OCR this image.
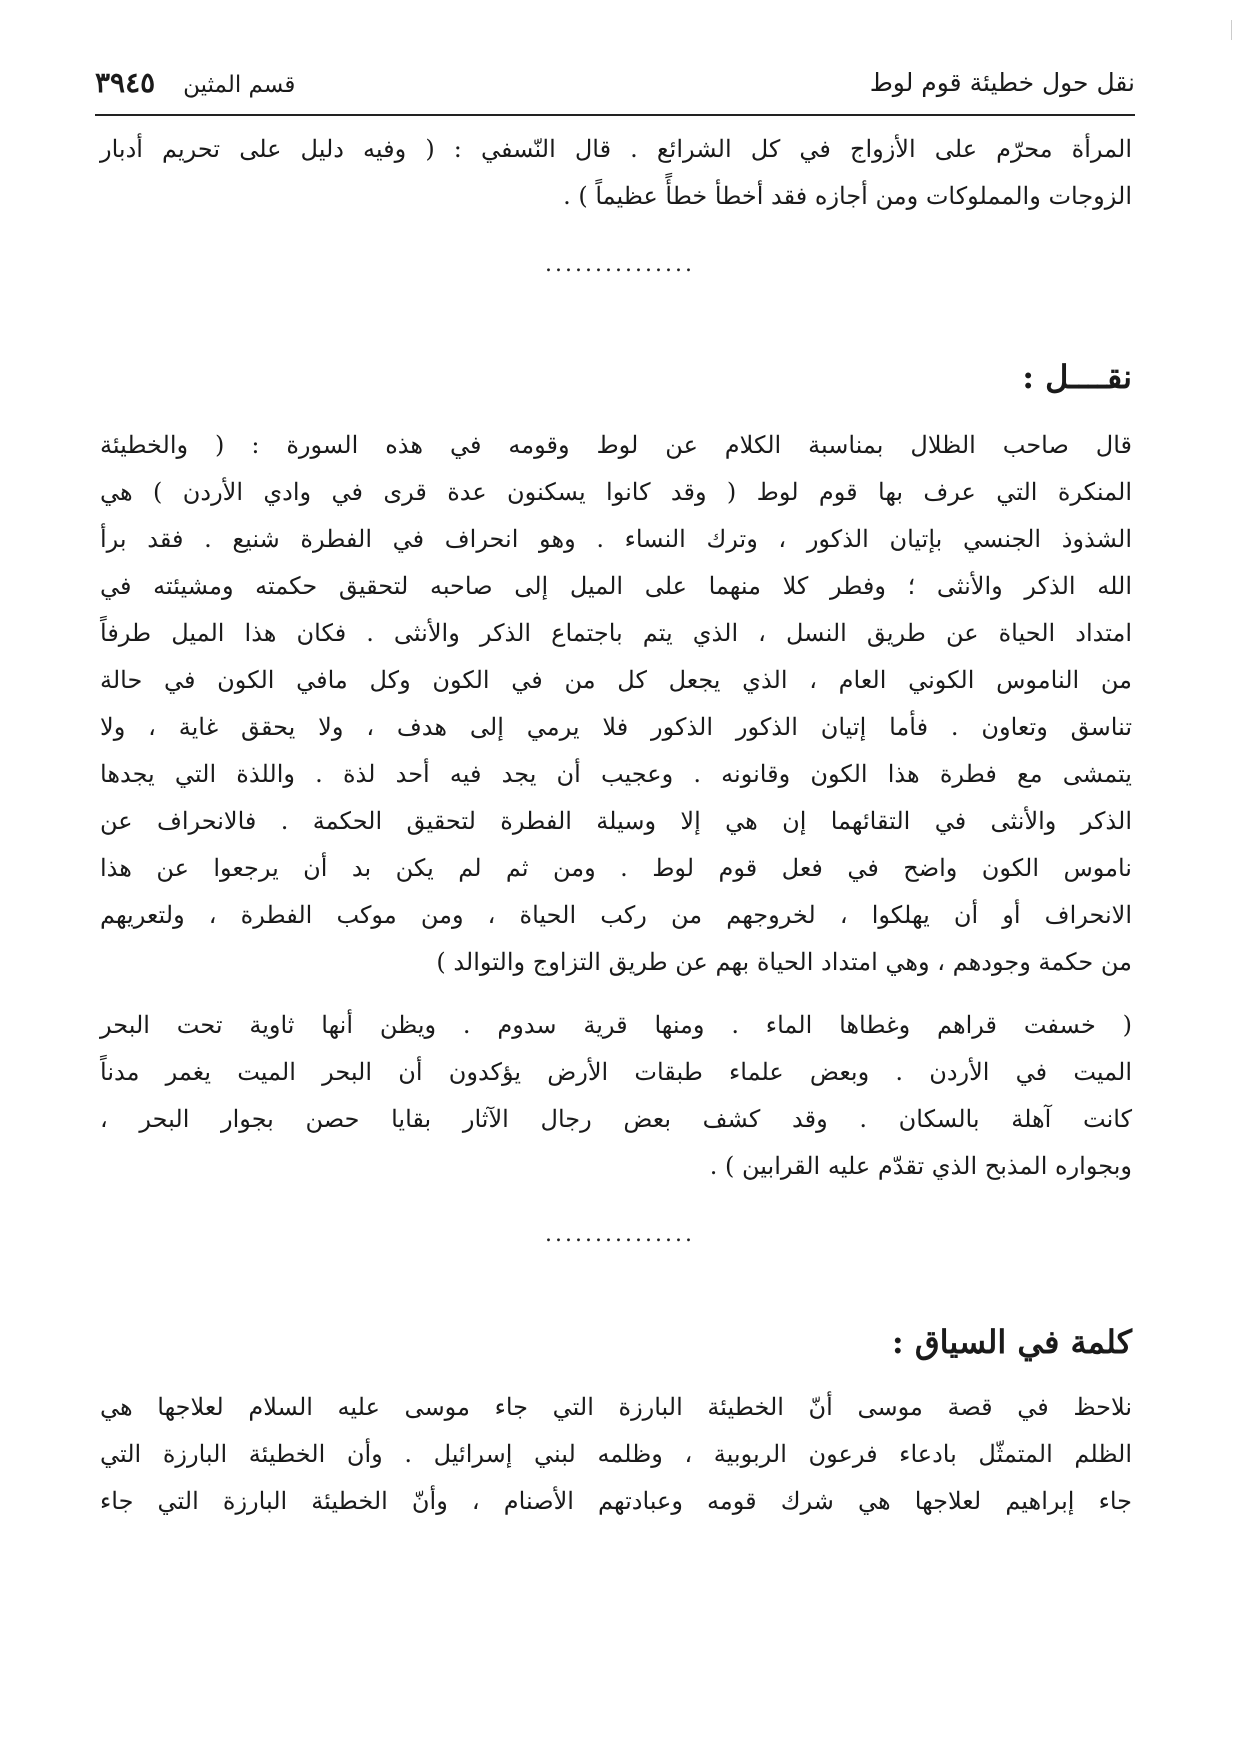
نقل حول خطيئة قوم لوط
قسم المثين
٣٩٤٥
المرأة محرّم على الأزواج في كل الشرائع . قال النّسفي : ( وفيه دليل على تحريم أدبار
الزوجات والمملوكات ومن أجازه فقد أخطأ خطأً عظيماً ) .
...............
نقــــل :
قال صاحب الظلال بمناسبة الكلام عن لوط وقومه في هذه السورة : ( والخطيئة
المنكرة التي عرف بها قوم لوط ( وقد كانوا يسكنون عدة قرى في وادي الأردن ) هي
الشذوذ الجنسي بإتيان الذكور ، وترك النساء . وهو انحراف في الفطرة شنيع . فقد برأ
الله الذكر والأنثى ؛ وفطر كلا منهما على الميل إلى صاحبه لتحقيق حكمته ومشيئته في
امتداد الحياة عن طريق النسل ، الذي يتم باجتماع الذكر والأنثى . فكان هذا الميل طرفاً
من الناموس الكوني العام ، الذي يجعل كل من في الكون وكل مافي الكون في حالة
تناسق وتعاون . فأما إتيان الذكور الذكور فلا يرمي إلى هدف ، ولا يحقق غاية ، ولا
يتمشى مع فطرة هذا الكون وقانونه . وعجيب أن يجد فيه أحد لذة . واللذة التي يجدها
الذكر والأنثى في التقائهما إن هي إلا وسيلة الفطرة لتحقيق الحكمة . فالانحراف عن
ناموس الكون واضح في فعل قوم لوط . ومن ثم لم يكن بد أن يرجعوا عن هذا
الانحراف أو أن يهلكوا ، لخروجهم من ركب الحياة ، ومن موكب الفطرة ، ولتعريهم
من حكمة وجودهم ، وهي امتداد الحياة بهم عن طريق التزاوج والتوالد )
( خسفت قراهم وغطاها الماء . ومنها قرية سدوم . ويظن أنها ثاوية تحت البحر
الميت في الأردن . وبعض علماء طبقات الأرض يؤكدون أن البحر الميت يغمر مدناً
كانت آهلة بالسكان . وقد كشف بعض رجال الآثار بقايا حصن بجوار البحر ،
وبجواره المذبح الذي تقدّم عليه القرابين ) .
...............
كلمة في السياق :
نلاحظ في قصة موسى أنّ الخطيئة البارزة التي جاء موسى عليه السلام لعلاجها هي
الظلم المتمثّل بادعاء فرعون الربوبية ، وظلمه لبني إسرائيل . وأن الخطيئة البارزة التي
جاء إبراهيم لعلاجها هي شرك قومه وعبادتهم الأصنام ، وأنّ الخطيئة البارزة التي جاء
